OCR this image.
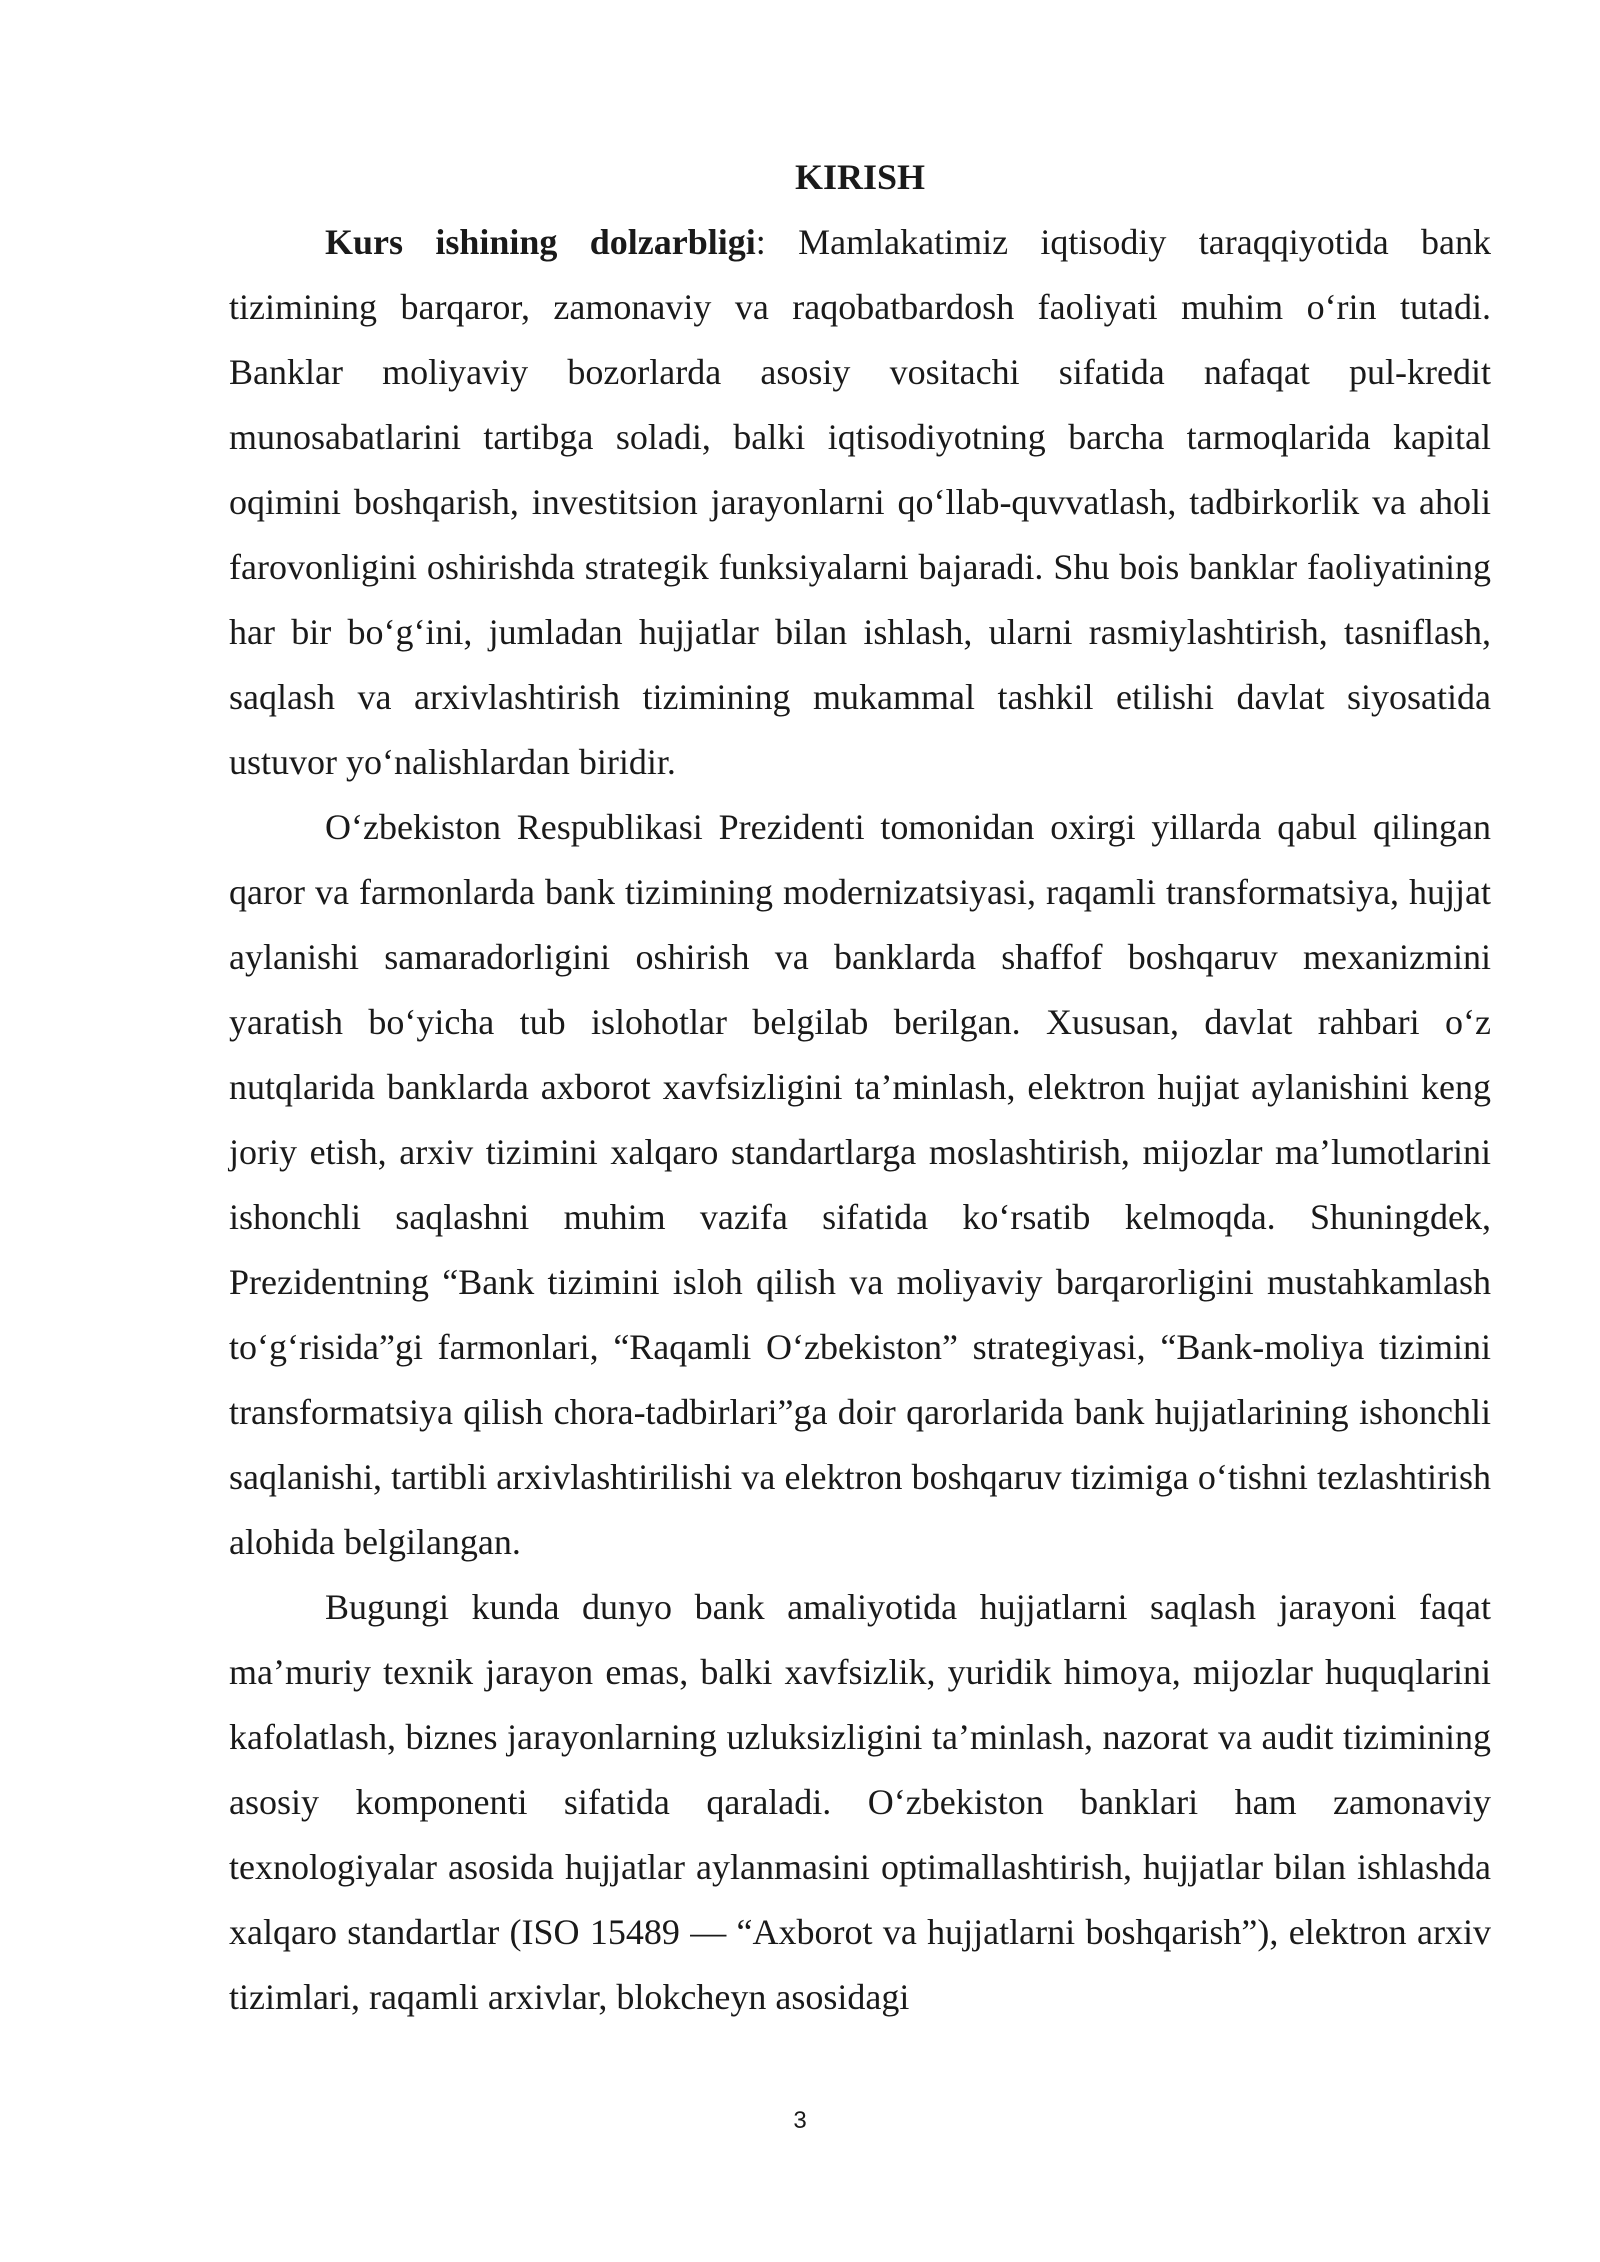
KIRISH

Kurs ishining dolzarbligi: Mamlakatimiz iqtisodiy taraqqiyotida bank tizimining barqaror, zamonaviy va raqobatbardosh faoliyati muhim o‘rin tutadi. Banklar moliyaviy bozorlarda asosiy vositachi sifatida nafaqat pul-kredit munosabatlarini tartibga soladi, balki iqtisodiyotning barcha tarmoqlarida kapital oqimini boshqarish, investitsion jarayonlarni qo‘llab-quvvatlash, tadbirkorlik va aholi farovonligini oshirishda strategik funksiyalarni bajaradi. Shu bois banklar faoliyatining har bir bo‘g‘ini, jumladan hujjatlar bilan ishlash, ularni rasmiylashtirish, tasniflash, saqlash va arxivlashtirish tizimining mukammal tashkil etilishi davlat siyosatida ustuvor yo‘nalishlardan biridir.

O‘zbekiston Respublikasi Prezidenti tomonidan oxirgi yillarda qabul qilingan qaror va farmonlarda bank tizimining modernizatsiyasi, raqamli transformatsiya, hujjat aylanishi samaradorligini oshirish va banklarda shaffof boshqaruv mexanizmini yaratish bo‘yicha tub islohotlar belgilab berilgan. Xususan, davlat rahbari o‘z nutqlarida banklarda axborot xavfsizligini ta’minlash, elektron hujjat aylanishini keng joriy etish, arxiv tizimini xalqaro standartlarga moslashtirish, mijozlar ma’lumotlarini ishonchli saqlashni muhim vazifa sifatida ko‘rsatib kelmoqda. Shuningdek, Prezidentning “Bank tizimini isloh qilish va moliyaviy barqarorligini mustahkamlash to‘g‘risida”gi farmonlari, “Raqamli O‘zbekiston” strategiyasi, “Bank-moliya tizimini transformatsiya qilish chora-tadbirlari”ga doir qarorlarida bank hujjatlarining ishonchli saqlanishi, tartibli arxivlashtirilishi va elektron boshqaruv tizimiga o‘tishni tezlashtirish alohida belgilangan.

Bugungi kunda dunyo bank amaliyotida hujjatlarni saqlash jarayoni faqat ma’muriy texnik jarayon emas, balki xavfsizlik, yuridik himoya, mijozlar huquqlarini kafolatlash, biznes jarayonlarning uzluksizligini ta’minlash, nazorat va audit tizimining asosiy komponenti sifatida qaraladi. O‘zbekiston banklari ham zamonaviy texnologiyalar asosida hujjatlar aylanmasini optimallashtirish, hujjatlar bilan ishlashda xalqaro standartlar (ISO 15489 — “Axborot va hujjatlarni boshqarish”), elektron arxiv tizimlari, raqamli arxivlar, blokcheyn asosidagi

3
